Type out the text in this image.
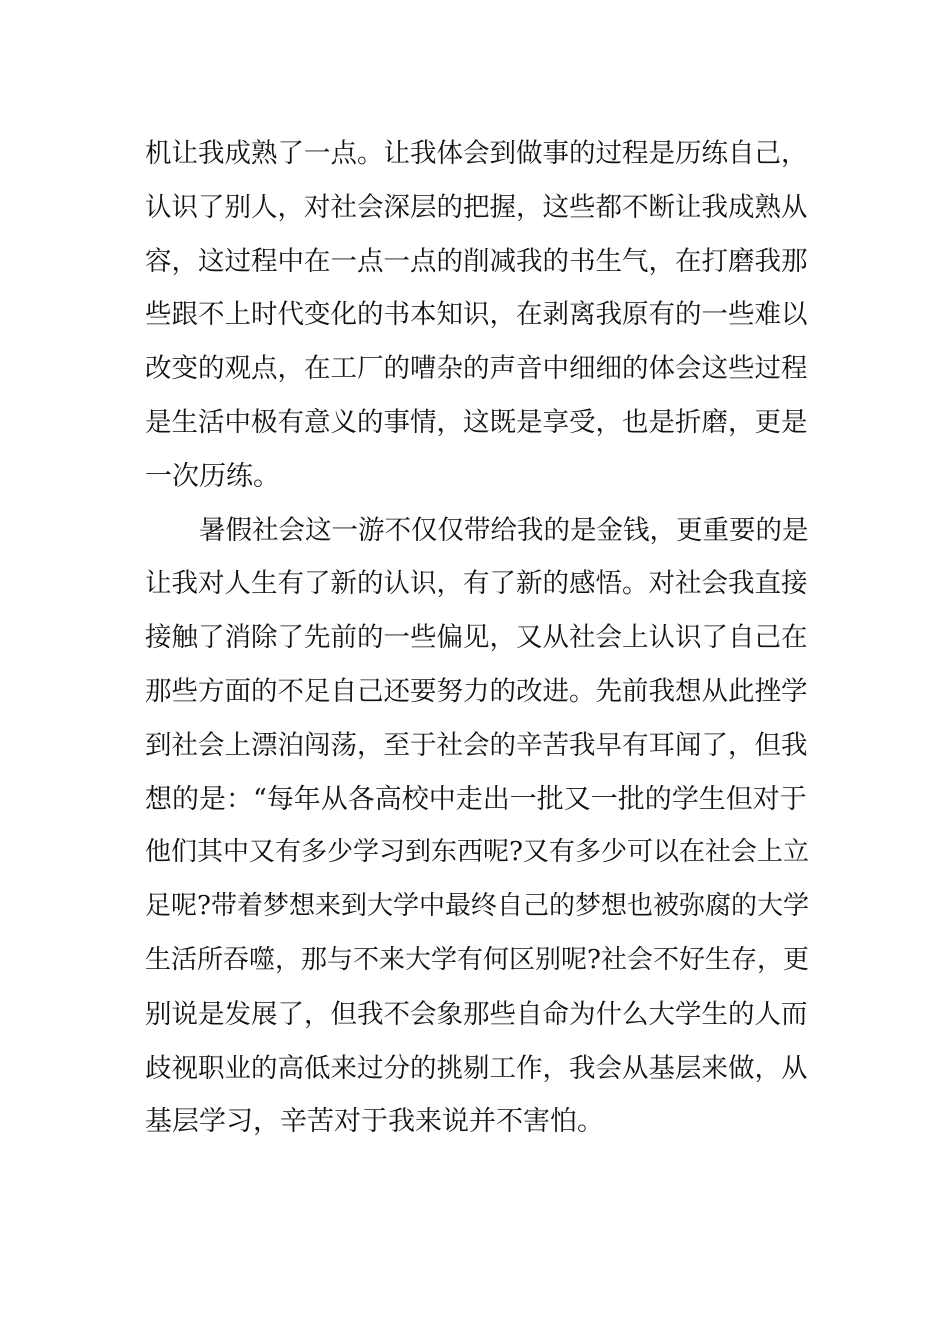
机让我成熟了一点。让我体会到做事的过程是历练自己，
认识了别人，对社会深层的把握，这些都不断让我成熟从
容，这过程中在一点一点的削减我的书生气，在打磨我那
些跟不上时代变化的书本知识，在剥离我原有的一些难以
改变的观点，在工厂的嘈杂的声音中细细的体会这些过程
是生活中极有意义的事情，这既是享受，也是折磨，更是
一次历练。
暑假社会这一游不仅仅带给我的是金钱，更重要的是
让我对人生有了新的认识，有了新的感悟。对社会我直接
接触了消除了先前的一些偏见，又从社会上认识了自己在
那些方面的不足自己还要努力的改进。先前我想从此挫学
到社会上漂泊闯荡，至于社会的辛苦我早有耳闻了，但我
想的是：“每年从各高校中走出一批又一批的学生但对于
他们其中又有多少学习到东西呢?又有多少可以在社会上立
足呢?带着梦想来到大学中最终自己的梦想也被弥腐的大学
生活所吞噬，那与不来大学有何区别呢?社会不好生存，更
别说是发展了，但我不会象那些自命为什么大学生的人而
歧视职业的高低来过分的挑剔工作，我会从基层来做，从
基层学习，辛苦对于我来说并不害怕。
